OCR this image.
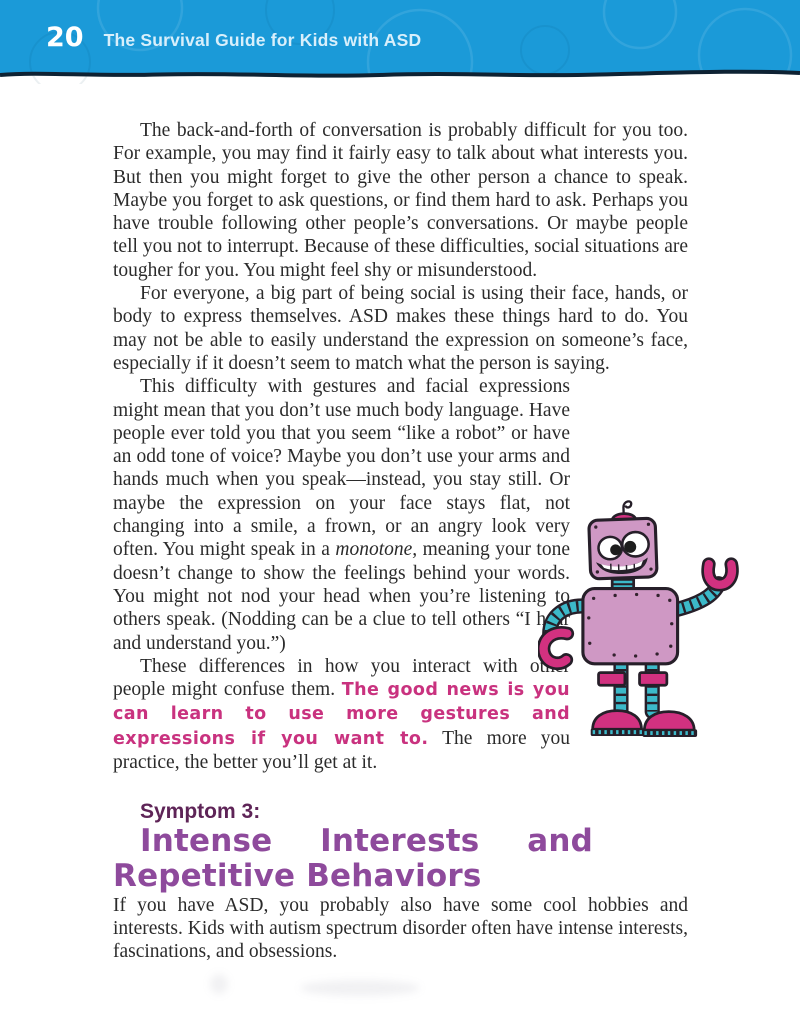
20 The Survival Guide for Kids with ASD

The back-and-forth of conversation is probably difficult for you too. For example, you may find it fairly easy to talk about what interests you. But then you might forget to give the other person a chance to speak. Maybe you forget to ask questions, or find them hard to ask. Perhaps you have trouble following other people’s conversations. Or maybe people tell you not to interrupt. Because of these difficulties, social situations are tougher for you. You might feel shy or misunderstood.

For everyone, a big part of being social is using their face, hands, or body to express themselves. ASD makes these things hard to do. You may not be able to easily understand the expression on someone’s face, especially if it doesn’t seem to match what the person is saying.

This difficulty with gestures and facial expressions might mean that you don’t use much body language. Have people ever told you that you seem “like a robot” or have an odd tone of voice? Maybe you don’t use your arms and hands much when you speak—instead, you stay still. Or maybe the expression on your face stays flat, not changing into a smile, a frown, or an angry look very often. You might speak in a monotone, meaning your tone doesn’t change to show the feelings behind your words. You might not nod your head when you’re listening to others speak. (Nodding can be a clue to tell others “I hear and understand you.”)

These differences in how you interact with other people might confuse them. The good news is you can learn to use more gestures and expressions if you want to. The more you practice, the better you’ll get at it.

Symptom 3:

Intense Interests and Repetitive Behaviors

If you have ASD, you probably also have some cool hobbies and interests. Kids with autism spectrum disorder often have intense interests, fascinations, and obsessions.
